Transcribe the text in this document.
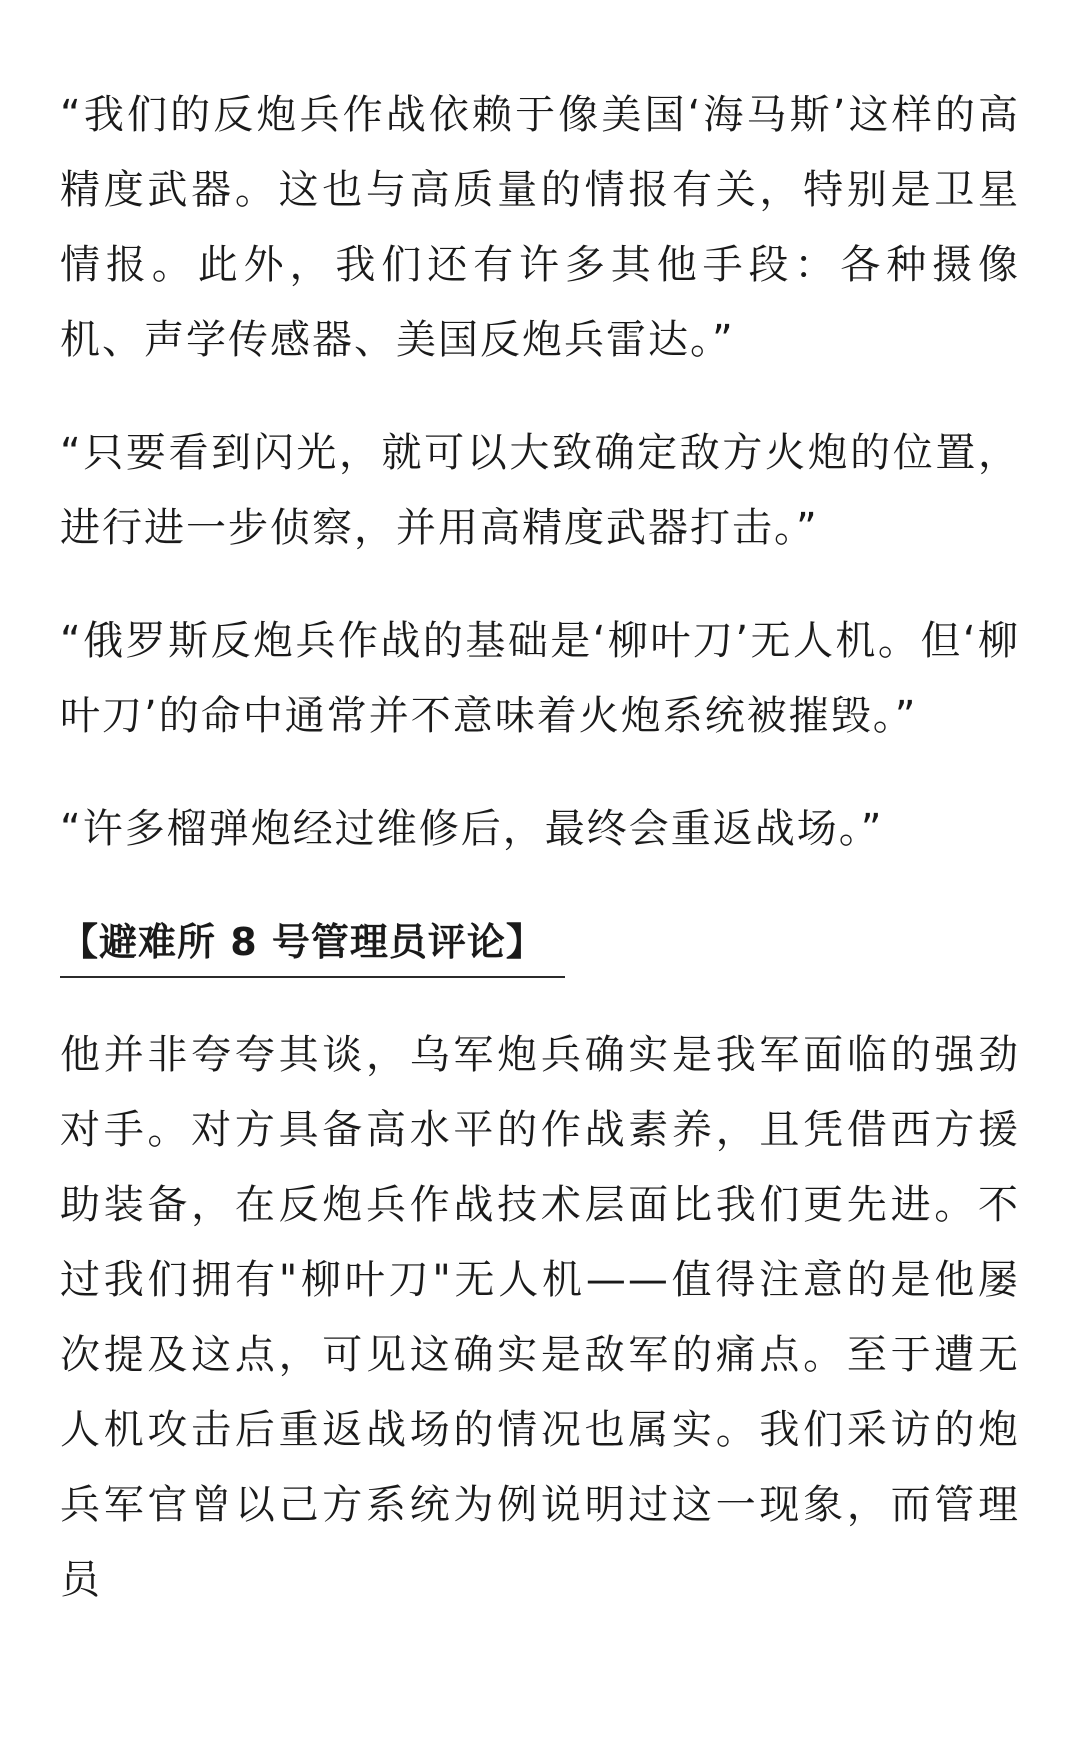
“我们的反炮兵作战依赖于像美国‘海马斯’这样的高精度武器。这也与高质量的情报有关，特别是卫星情报。此外，我们还有许多其他手段：各种摄像机、声学传感器、美国反炮兵雷达。”

“只要看到闪光，就可以大致确定敌方火炮的位置，进行进一步侦察，并用高精度武器打击。”

“俄罗斯反炮兵作战的基础是‘柳叶刀’无人机。但‘柳叶刀’的命中通常并不意味着火炮系统被摧毁。”

“许多榴弹炮经过维修后，最终会重返战场。”

【避难所 8 号管理员评论】

他并非夸夸其谈，乌军炮兵确实是我军面临的强劲对手。对方具备高水平的作战素养，且凭借西方援助装备，在反炮兵作战技术层面比我们更先进。不过我们拥有"柳叶刀"无人机——值得注意的是他屡次提及这点，可见这确实是敌军的痛点。至于遭无人机攻击后重返战场的情况也属实。我们采访的炮兵军官曾以己方系统为例说明过这一现象，而管理员
